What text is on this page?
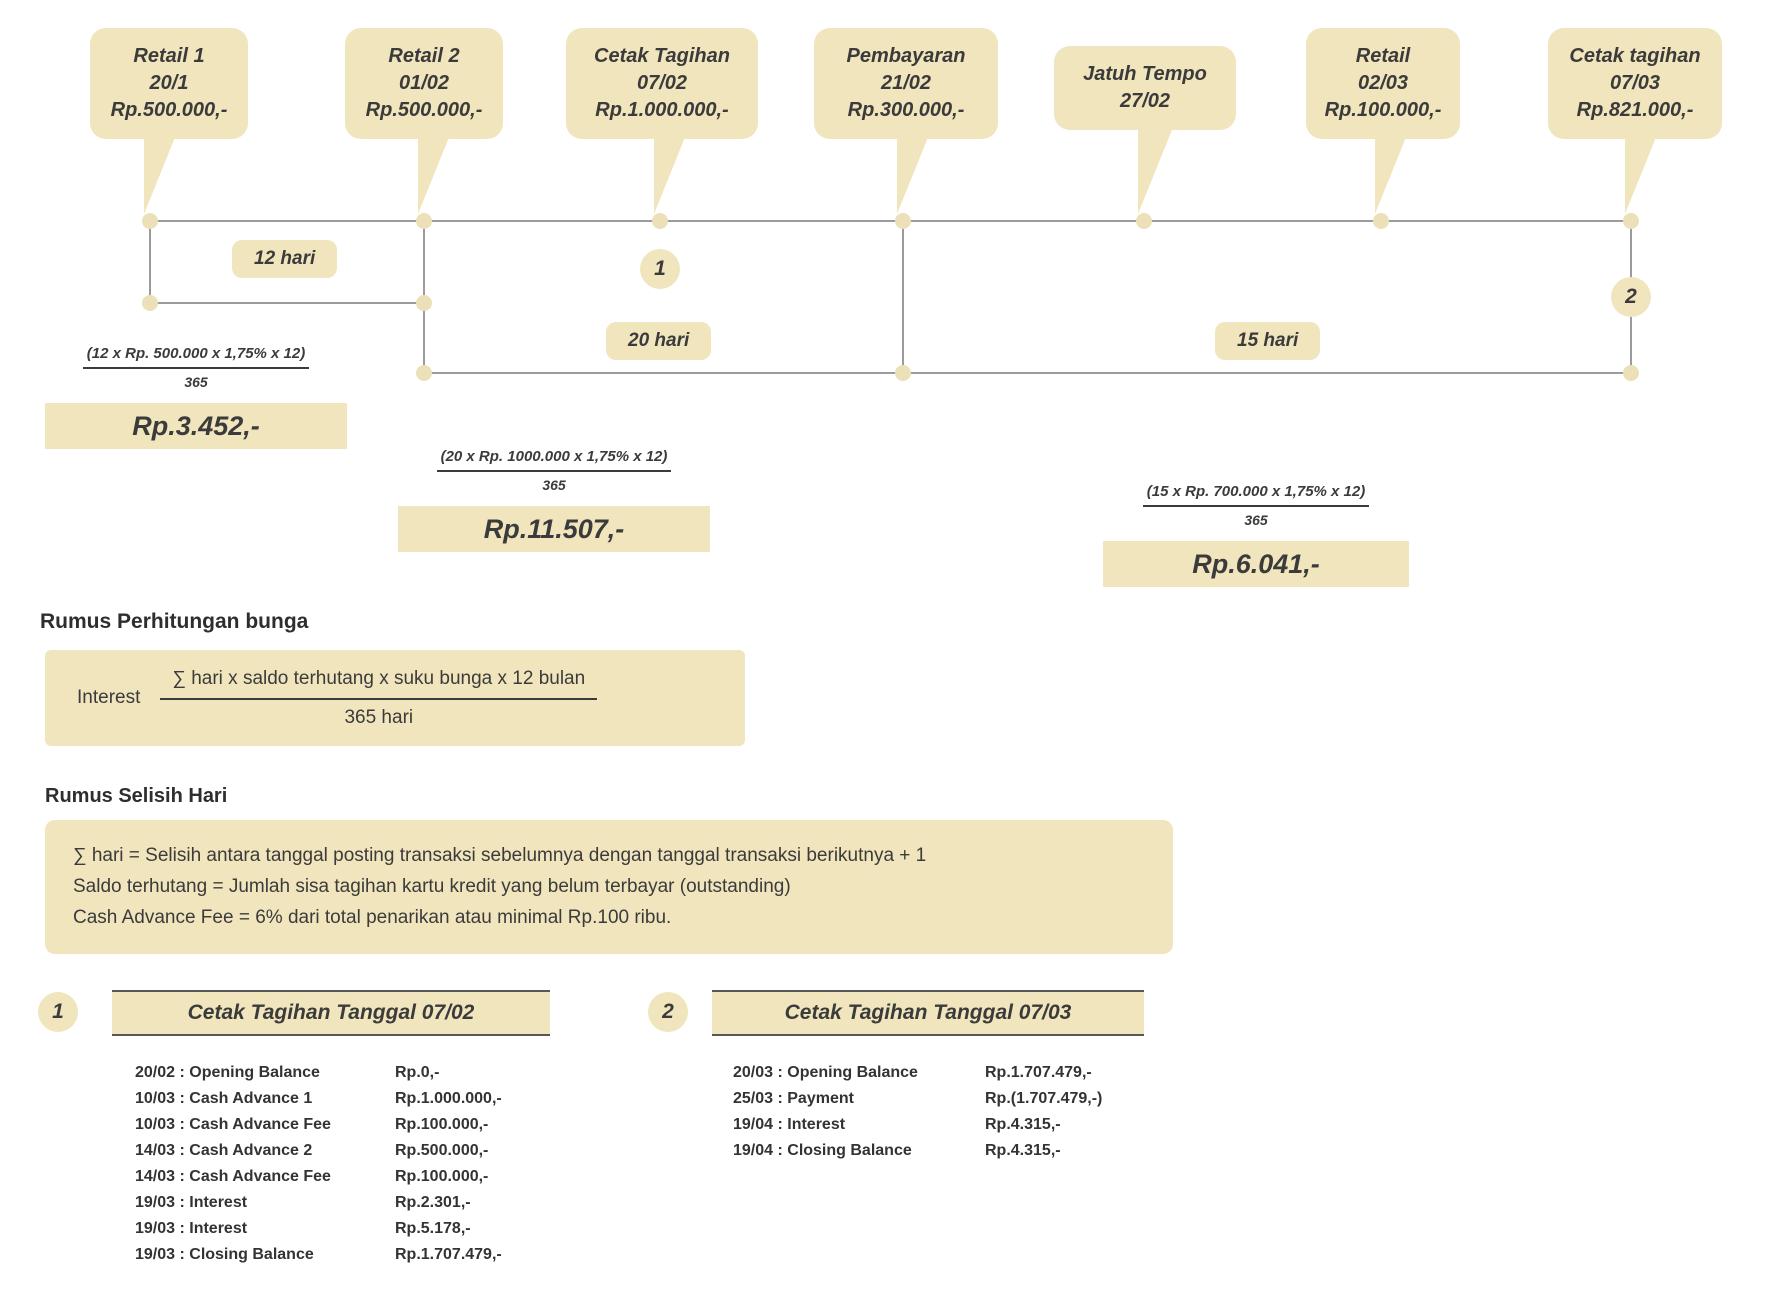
Retail 1
20/1
Rp.500.000,-
Retail 2
01/02
Rp.500.000,-
Cetak Tagihan
07/02
Rp.1.000.000,-
Pembayaran
21/02
Rp.300.000,-
Jatuh Tempo
27/02
Retail
02/03
Rp.100.000,-
Cetak tagihan
07/03
Rp.821.000,-
12 hari	1
20 hari	15 hari
2
(12 x Rp. 500.000 x 1,75% x 12)
365
Rp.3.452,-
(20 x Rp. 1000.000 x 1,75% x 12)
365
Rp.11.507,-
(15 x Rp. 700.000 x 1,75% x 12)
365
Rp.6.041,-
Rumus Perhitungan bunga
Interest $\frac{\text{∑ hari x saldo terhutang x suku bunga x 12 bulan}}{\text{365 hari}}$
Rumus Selisih Hari
∑ hari = Selisih antara tanggal posting transaksi sebelumnya dengan tanggal transaksi berikutnya + 1
Saldo terhutang = Jumlah sisa tagihan kartu kredit yang belum terbayar (outstanding)
Cash Advance Fee = 6% dari total penarikan atau minimal Rp.100 ribu.
1	Cetak Tagihan Tanggal 07/02
20/02 : Opening Balance	Rp.0,-
10/03 : Cash Advance 1	Rp.1.000.000,-
10/03 : Cash Advance Fee	Rp.100.000,-
14/03 : Cash Advance 2	Rp.500.000,-
14/03 : Cash Advance Fee	Rp.100.000,-
19/03 : Interest	Rp.2.301,-
19/03 : Interest	Rp.5.178,-
19/03 : Closing Balance	Rp.1.707.479,-
2	Cetak Tagihan Tanggal 07/03
20/03 : Opening Balance	Rp.1.707.479,-
25/03 : Payment	Rp.(1.707.479,-)
19/04 : Interest	Rp.4.315,-
19/04 : Closing Balance	Rp.4.315,-
